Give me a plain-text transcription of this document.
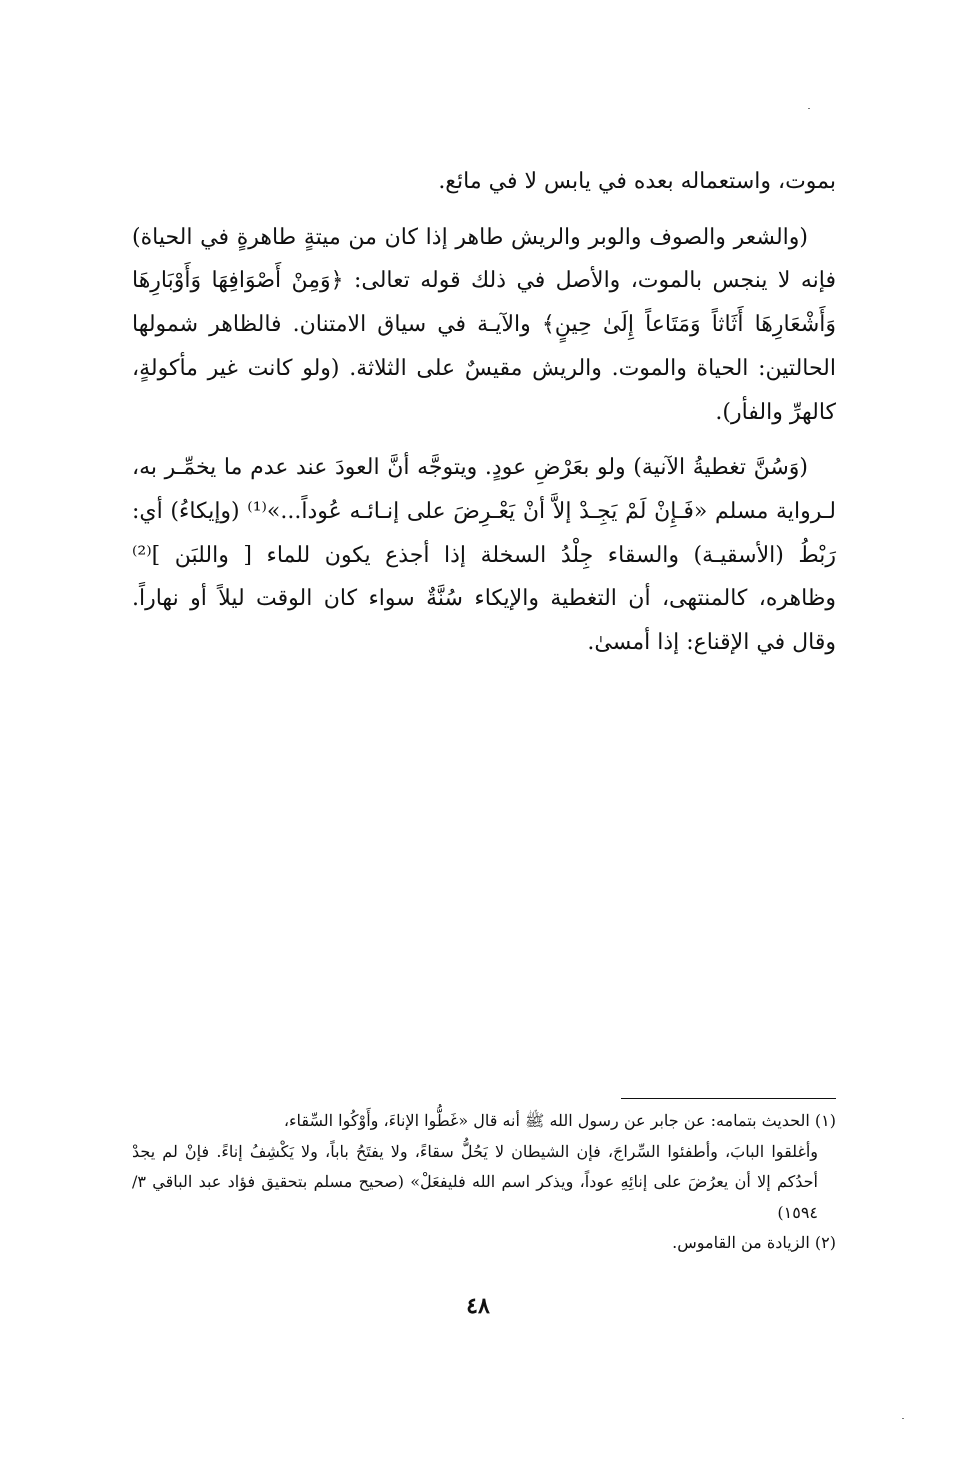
بموت، واستعماله بعده في يابس لا في مائع.

(والشعر والصوف والوبر والريش طاهر إذا كان من ميتةٍ طاهرةٍ في الحياة) فإنه لا ينجس بالموت، والأصل في ذلك قوله تعالى: ﴿وَمِنْ أَصْوَافِهَا وَأَوْبَارِهَا وَأَشْعَارِهَا أَثَاثاً وَمَتَاعاً إِلَىٰ حِينٍ﴾ والآيـة في سياق الامتنان. فالظاهر شمولها الحالتين: الحياة والموت. والريش مقيسٌ على الثلاثة. (ولو كانت غير مأكولةٍ، كالهرِّ والفأر).

(وَسُنَّ تغطيةُ الآنية) ولو بعَرْضِ عودٍ. ويتوجَّه أنَّ العودَ عند عدم ما يخمِّـر به، لـرواية مسلم «فَـإِنْ لَمْ يَجِـدْ إلاَّ أنْ يَعْـرِضَ على إنـائـه عُوداً...»⁽¹⁾ (وإيكاءُ) أي: رَبْطُ (الأسقيـة) والسقاء جِلْدُ السخلة إذا أجذع يكون للماء [ واللبَن ]⁽²⁾ وظاهره، كالمنتهى، أن التغطية والإيكاء سُنَّةٌ سواء كان الوقت ليلاً أو نهاراً. وقال في الإقناع: إذا أمسىٰ.

(١) الحديث بتمامه: عن جابر عن رسول الله ﷺ أنه قال «غَطُّوا الإناءَ، وأَوْكُوا السِّقاء،

وأغلقوا البابَ، وأطفئوا السِّراجَ، فإن الشيطان لا يَحُلُّ سقاءً، ولا يفتَحُ باباً، ولا يَكْشِفُ إناءً. فإنْ لم يجدْ أحدُكم إلا أن يعرُضَ على إنائِهِ عوداً، ويذكر اسم الله فليفعَلْ» (صحيح مسلم بتحقيق فؤاد عبد الباقي ٣/ ١٥٩٤)

(٢) الزيادة من القاموس.

٤٨
